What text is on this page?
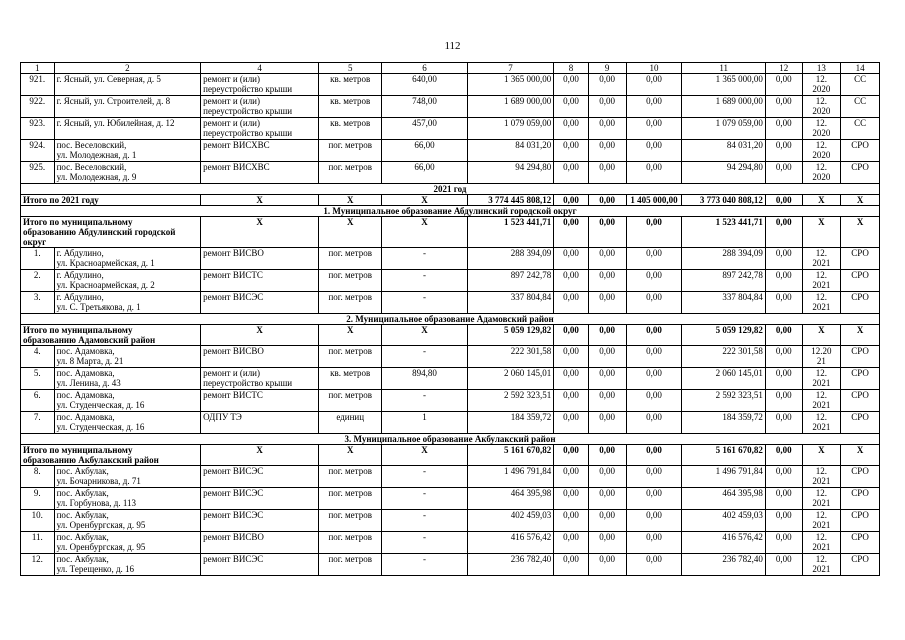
112
1	2	4	5	6	7	8	9	10	11	12	13	14
921.	г. Ясный, ул. Северная, д. 5	ремонт и (или)
переустройство крыши	кв. метров	640,00	1 365 000,00	0,00	0,00	0,00	1 365 000,00	0,00	12.
2020	СС
922.	г. Ясный, ул. Строителей, д. 8	ремонт и (или)
переустройство крыши	кв. метров	748,00	1 689 000,00	0,00	0,00	0,00	1 689 000,00	0,00	12.
2020	СС
923.	г. Ясный, ул. Юбилейная, д. 12	ремонт и (или)
переустройство крыши	кв. метров	457,00	1 079 059,00	0,00	0,00	0,00	1 079 059,00	0,00	12.
2020	СС
924.	пос. Веселовский,
ул. Молодежная, д. 1	ремонт ВИСХВС	пог. метров	66,00	84 031,20	0,00	0,00	0,00	84 031,20	0,00	12.
2020	СРО
925.	пос. Веселовский,
ул. Молодежная, д. 9	ремонт ВИСХВС	пог. метров	66,00	94 294,80	0,00	0,00	0,00	94 294,80	0,00	12.
2020	СРО
2021 год												
Итого по 2021 году		X	X	X	3 774 445 808,12	0,00	0,00	1 405 000,00	3 773 040 808,12	0,00	X	X
1. Муниципальное образование Абдулинский городской округ												
Итого по муниципальному
образованию Абдулинский городской
округ		X	X	X	1 523 441,71	0,00	0,00	0,00	1 523 441,71	0,00	X	X
1.	г. Абдулино,
ул. Красноармейская, д. 1	ремонт ВИСВО	пог. метров	-	288 394,09	0,00	0,00	0,00	288 394,09	0,00	12.
2021	СРО
2.	г. Абдулино,
ул. Красноармейская, д. 2	ремонт ВИСТС	пог. метров	-	897 242,78	0,00	0,00	0,00	897 242,78	0,00	12.
2021	СРО
3.	г. Абдулино,
ул. С. Третьякова, д. 1	ремонт ВИСЭС	пог. метров	-	337 804,84	0,00	0,00	0,00	337 804,84	0,00	12.
2021	СРО
2. Муниципальное образование Адамовский район												
Итого по муниципальному
образованию Адамовский район		X	X	X	5 059 129,82	0,00	0,00	0,00	5 059 129,82	0,00	X	X
4.	пос. Адамовка,
ул. 8 Марта, д. 21	ремонт ВИСВО	пог. метров	-	222 301,58	0,00	0,00	0,00	222 301,58	0,00	12.20
21	СРО
5.	пос. Адамовка,
ул. Ленина, д. 43	ремонт и (или)
переустройство крыши	кв. метров	894,80	2 060 145,01	0,00	0,00	0,00	2 060 145,01	0,00	12.
2021	СРО
6.	пос. Адамовка,
ул. Студенческая, д. 16	ремонт ВИСТС	пог. метров	-	2 592 323,51	0,00	0,00	0,00	2 592 323,51	0,00	12.
2021	СРО
7.	пос. Адамовка,
ул. Студенческая, д. 16	ОДПУ ТЭ	единиц	1	184 359,72	0,00	0,00	0,00	184 359,72	0,00	12.
2021	СРО
3. Муниципальное образование Акбулакский район												
Итого по муниципальному
образованию Акбулакский район		X	X	X	5 161 670,82	0,00	0,00	0,00	5 161 670,82	0,00	X	X
8.	пос. Акбулак,
ул. Бочарникова, д. 71	ремонт ВИСЭС	пог. метров	-	1 496 791,84	0,00	0,00	0,00	1 496 791,84	0,00	12.
2021	СРО
9.	пос. Акбулак,
ул. Горбунова, д. 113	ремонт ВИСЭС	пог. метров	-	464 395,98	0,00	0,00	0,00	464 395,98	0,00	12.
2021	СРО
10.	пос. Акбулак,
ул. Оренбургская, д. 95	ремонт ВИСЭС	пог. метров	-	402 459,03	0,00	0,00	0,00	402 459,03	0,00	12.
2021	СРО
11.	пос. Акбулак,
ул. Оренбургская, д. 95	ремонт ВИСВО	пог. метров	-	416 576,42	0,00	0,00	0,00	416 576,42	0,00	12.
2021	СРО
12.	пос. Акбулак,
ул. Терещенко, д. 16	ремонт ВИСЭС	пог. метров	-	236 782,40	0,00	0,00	0,00	236 782,40	0,00	12.
2021	СРО
